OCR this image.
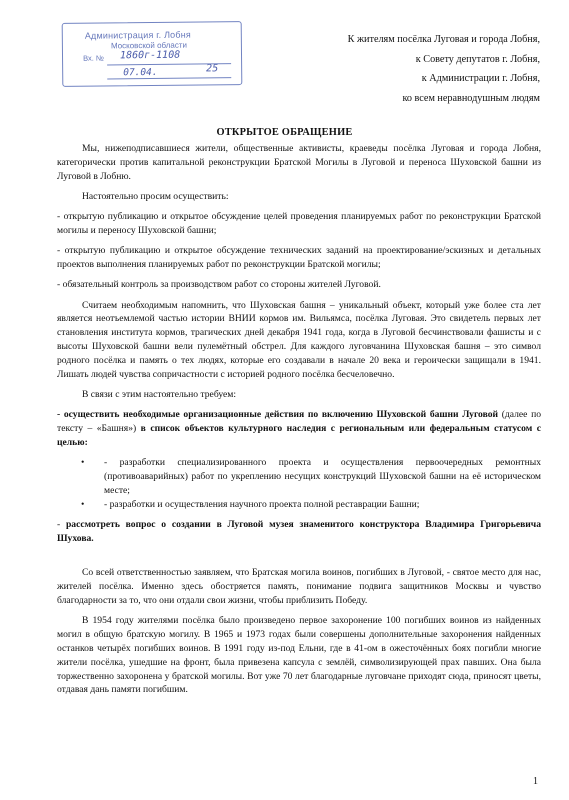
Администрация г. Лобня
Московской области
Вх. № 1860г-1108
07.04.	25
К жителям посёлка Луговая и города Лобня,
к Совету депутатов г. Лобня,
к Администрации г. Лобня,
ко всем неравнодушным людям
ОТКРЫТОЕ ОБРАЩЕНИЕ

Мы, нижеподписавшиеся жители, общественные активисты, краеведы посёлка Луговая и города Лобня, категорически против капитальной реконструкции Братской Могилы в Луговой и переноса Шуховской башни из Луговой в Лобню.

Настоятельно просим осуществить:

- открытую публикацию и открытое обсуждение целей проведения планируемых работ по реконструкции Братской могилы и переносу Шуховской башни;

- открытую публикацию и открытое обсуждение технических заданий на проектирование/эскизных и детальных проектов выполнения планируемых работ по реконструкции Братской могилы;

- обязательный контроль за производством работ со стороны жителей Луговой.

Считаем необходимым напомнить, что Шуховская башня – уникальный объект, который уже более ста лет является неотъемлемой частью истории ВНИИ кормов им. Вильямса, посёлка Луговая. Это свидетель первых лет становления института кормов, трагических дней декабря 1941 года, когда в Луговой бесчинствовали фашисты и с высоты Шуховской башни вели пулемётный обстрел. Для каждого луговчанина Шуховская башня – это символ родного посёлка и память о тех людях, которые его создавали в начале 20 века и героически защищали в 1941. Лишать людей чувства сопричастности с историей родного посёлка бесчеловечно.

В связи с этим настоятельно требуем:

- осуществить необходимые организационные действия по включению Шуховской башни Луговой (далее по тексту – «Башня») в список объектов культурного наследия с региональным или федеральным статусом с целью:

• - разработки специализированного проекта и осуществления первоочередных ремонтных (противоаварийных) работ по укреплению несущих конструкций Шуховской башни на её историческом месте;
• - разработки и осуществления научного проекта полной реставрации Башни;

- рассмотреть вопрос о создании в Луговой музея знаменитого конструктора Владимира Григорьевича Шухова.

Со всей ответственностью заявляем, что Братская могила воинов, погибших в Луговой, - святое место для нас, жителей посёлка. Именно здесь обостряется память, понимание подвига защитников Москвы и чувство благодарности за то, что они отдали свои жизни, чтобы приблизить Победу.

В 1954 году жителями посёлка было произведено первое захоронение 100 погибших воинов из найденных могил в общую братскую могилу. В 1965 и 1973 годах были совершены дополнительные захоронения найденных останков четырёх погибших воинов. В 1991 году из-под Ельни, где в 41-ом в ожесточённых боях погибли многие жители посёлка, ушедшие на фронт, была привезена капсула с землёй, символизирующей прах павших. Она была торжественно захоронена у братской могилы. Вот уже 70 лет благодарные луговчане приходят сюда, приносят цветы, отдавая дань памяти погибшим.

1
